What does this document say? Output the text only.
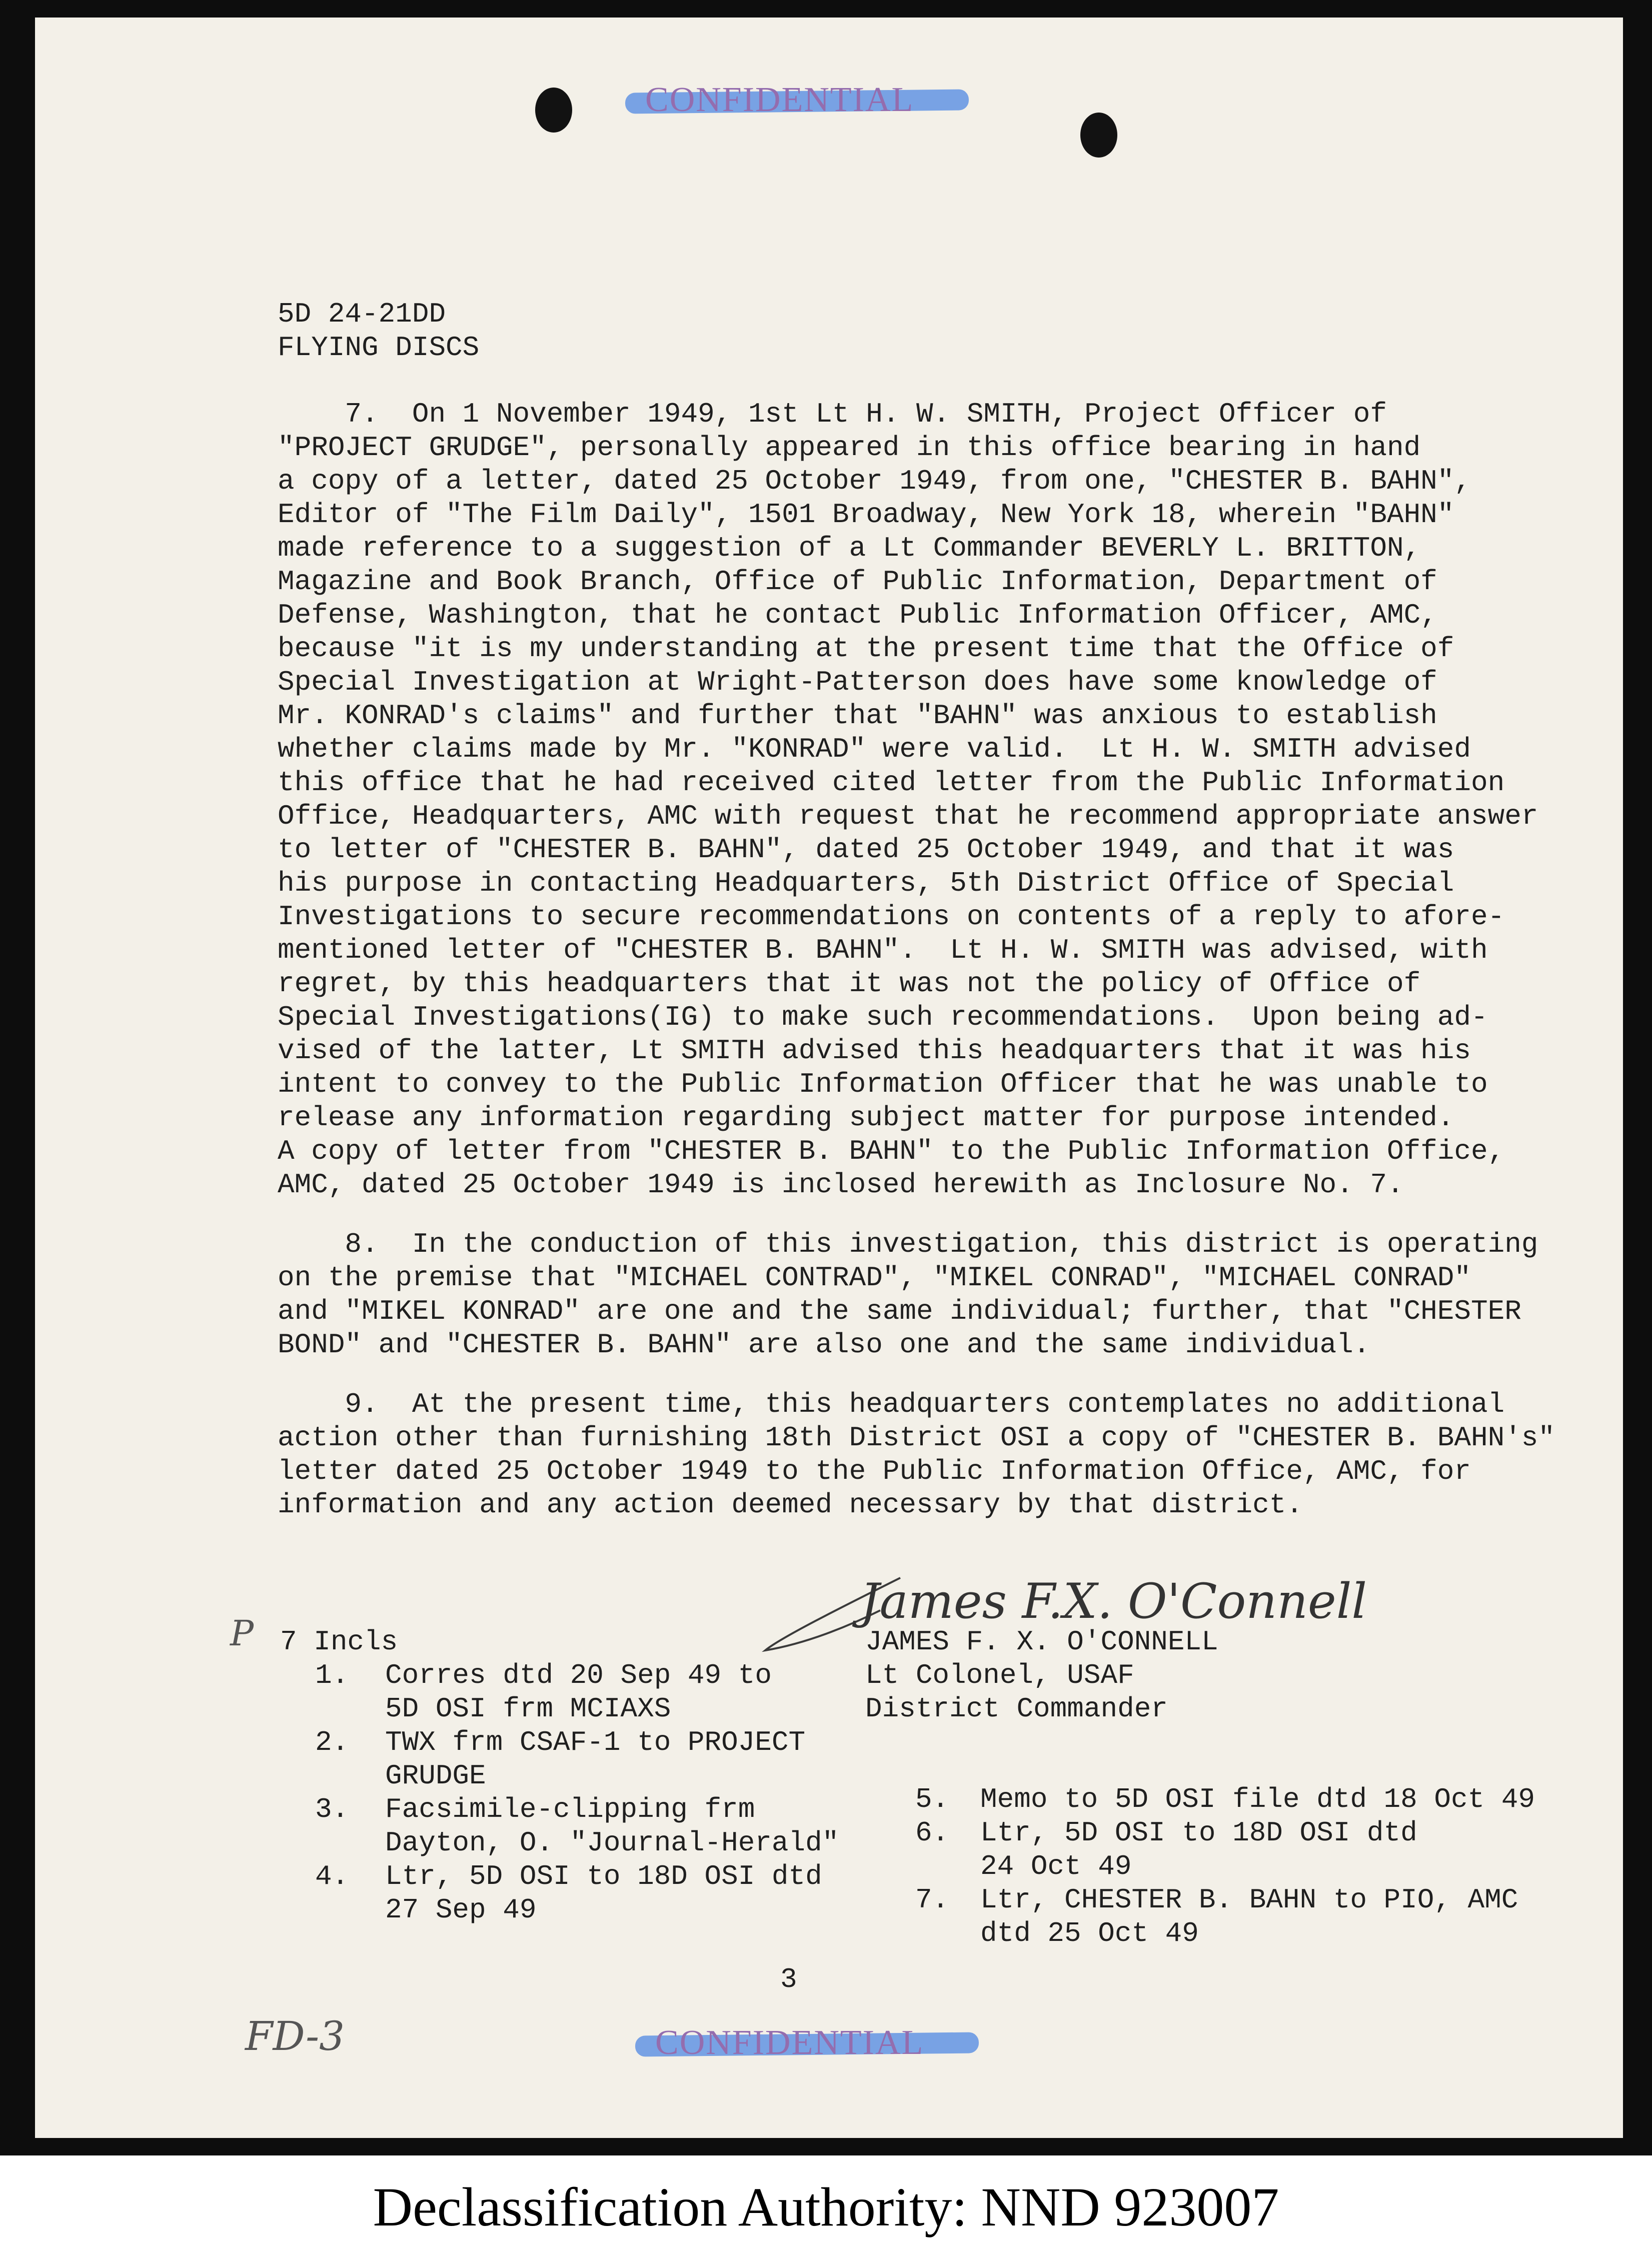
CONFIDENTIAL
5D 24-21DD
FLYING DISCS
7.  On 1 November 1949, 1st Lt H. W. SMITH, Project Officer of
"PROJECT GRUDGE", personally appeared in this office bearing in hand
a copy of a letter, dated 25 October 1949, from one, "CHESTER B. BAHN",
Editor of "The Film Daily", 1501 Broadway, New York 18, wherein "BAHN"
made reference to a suggestion of a Lt Commander BEVERLY L. BRITTON,
Magazine and Book Branch, Office of Public Information, Department of
Defense, Washington, that he contact Public Information Officer, AMC,
because "it is my understanding at the present time that the Office of
Special Investigation at Wright-Patterson does have some knowledge of
Mr. KONRAD's claims" and further that "BAHN" was anxious to establish
whether claims made by Mr. "KONRAD" were valid.  Lt H. W. SMITH advised
this office that he had received cited letter from the Public Information
Office, Headquarters, AMC with request that he recommend appropriate answer
to letter of "CHESTER B. BAHN", dated 25 October 1949, and that it was
his purpose in contacting Headquarters, 5th District Office of Special
Investigations to secure recommendations on contents of a reply to afore-
mentioned letter of "CHESTER B. BAHN".  Lt H. W. SMITH was advised, with
regret, by this headquarters that it was not the policy of Office of
Special Investigations(IG) to make such recommendations.  Upon being ad-
vised of the latter, Lt SMITH advised this headquarters that it was his
intent to convey to the Public Information Officer that he was unable to
release any information regarding subject matter for purpose intended.
A copy of letter from "CHESTER B. BAHN" to the Public Information Office,
AMC, dated 25 October 1949 is inclosed herewith as Inclosure No. 7.
8.  In the conduction of this investigation, this district is operating
on the premise that "MICHAEL CONTRAD", "MIKEL CONRAD", "MICHAEL CONRAD"
and "MIKEL KONRAD" are one and the same individual; further, that "CHESTER
BOND" and "CHESTER B. BAHN" are also one and the same individual.
9.  At the present time, this headquarters contemplates no additional
action other than furnishing 18th District OSI a copy of "CHESTER B. BAHN's"
letter dated 25 October 1949 to the Public Information Office, AMC, for
information and any action deemed necessary by that district.
James F.X. O'Connell
JAMES F. X. O'CONNELL
Lt Colonel, USAF
District Commander
P 7 Incls
1. Corres dtd 20 Sep 49 to
5D OSI frm MCIAXS
2. TWX frm CSAF-1 to PROJECT
GRUDGE
3. Facsimile-clipping frm
Dayton, O. "Journal-Herald"
4. Ltr, 5D OSI to 18D OSI dtd
27 Sep 49
5. Memo to 5D OSI file dtd 18 Oct 49
6. Ltr, 5D OSI to 18D OSI dtd
24 Oct 49
7. Ltr, CHESTER B. BAHN to PIO, AMC
dtd 25 Oct 49
3
FD-3	CONFIDENTIAL
Declassification Authority: NND 923007
